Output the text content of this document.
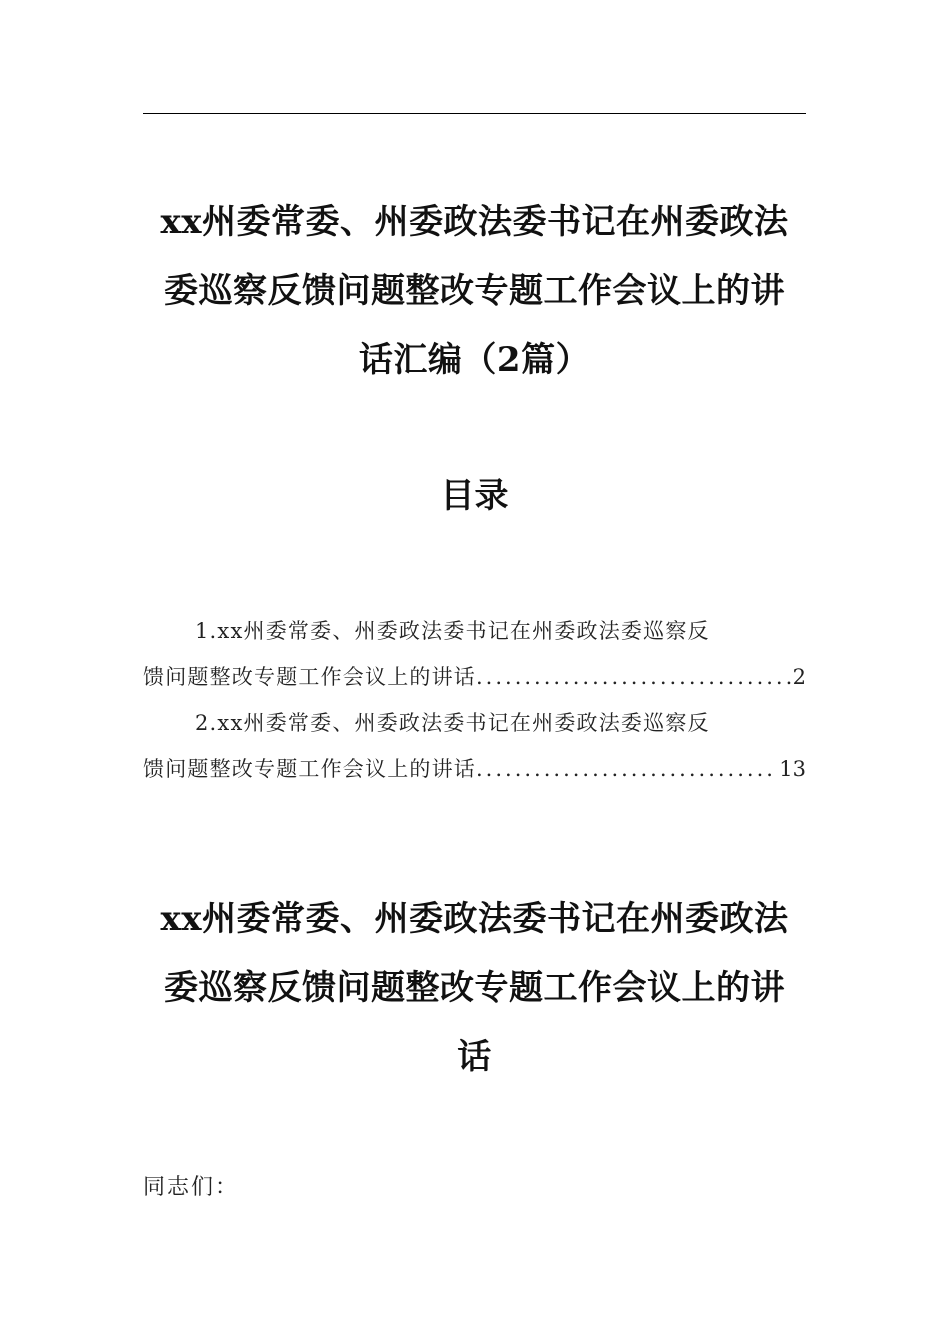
xx州委常委、州委政法委书记在州委政法
委巡察反馈问题整改专题工作会议上的讲
话汇编（2篇）
目录
1.xx州委常委、州委政法委书记在州委政法委巡察反
馈问题整改专题工作会议上的讲话 .....	2
2.xx州委常委、州委政法委书记在州委政法委巡察反
馈问题整改专题工作会议上的讲话 .....	13
xx州委常委、州委政法委书记在州委政法
委巡察反馈问题整改专题工作会议上的讲
话
同志们：
